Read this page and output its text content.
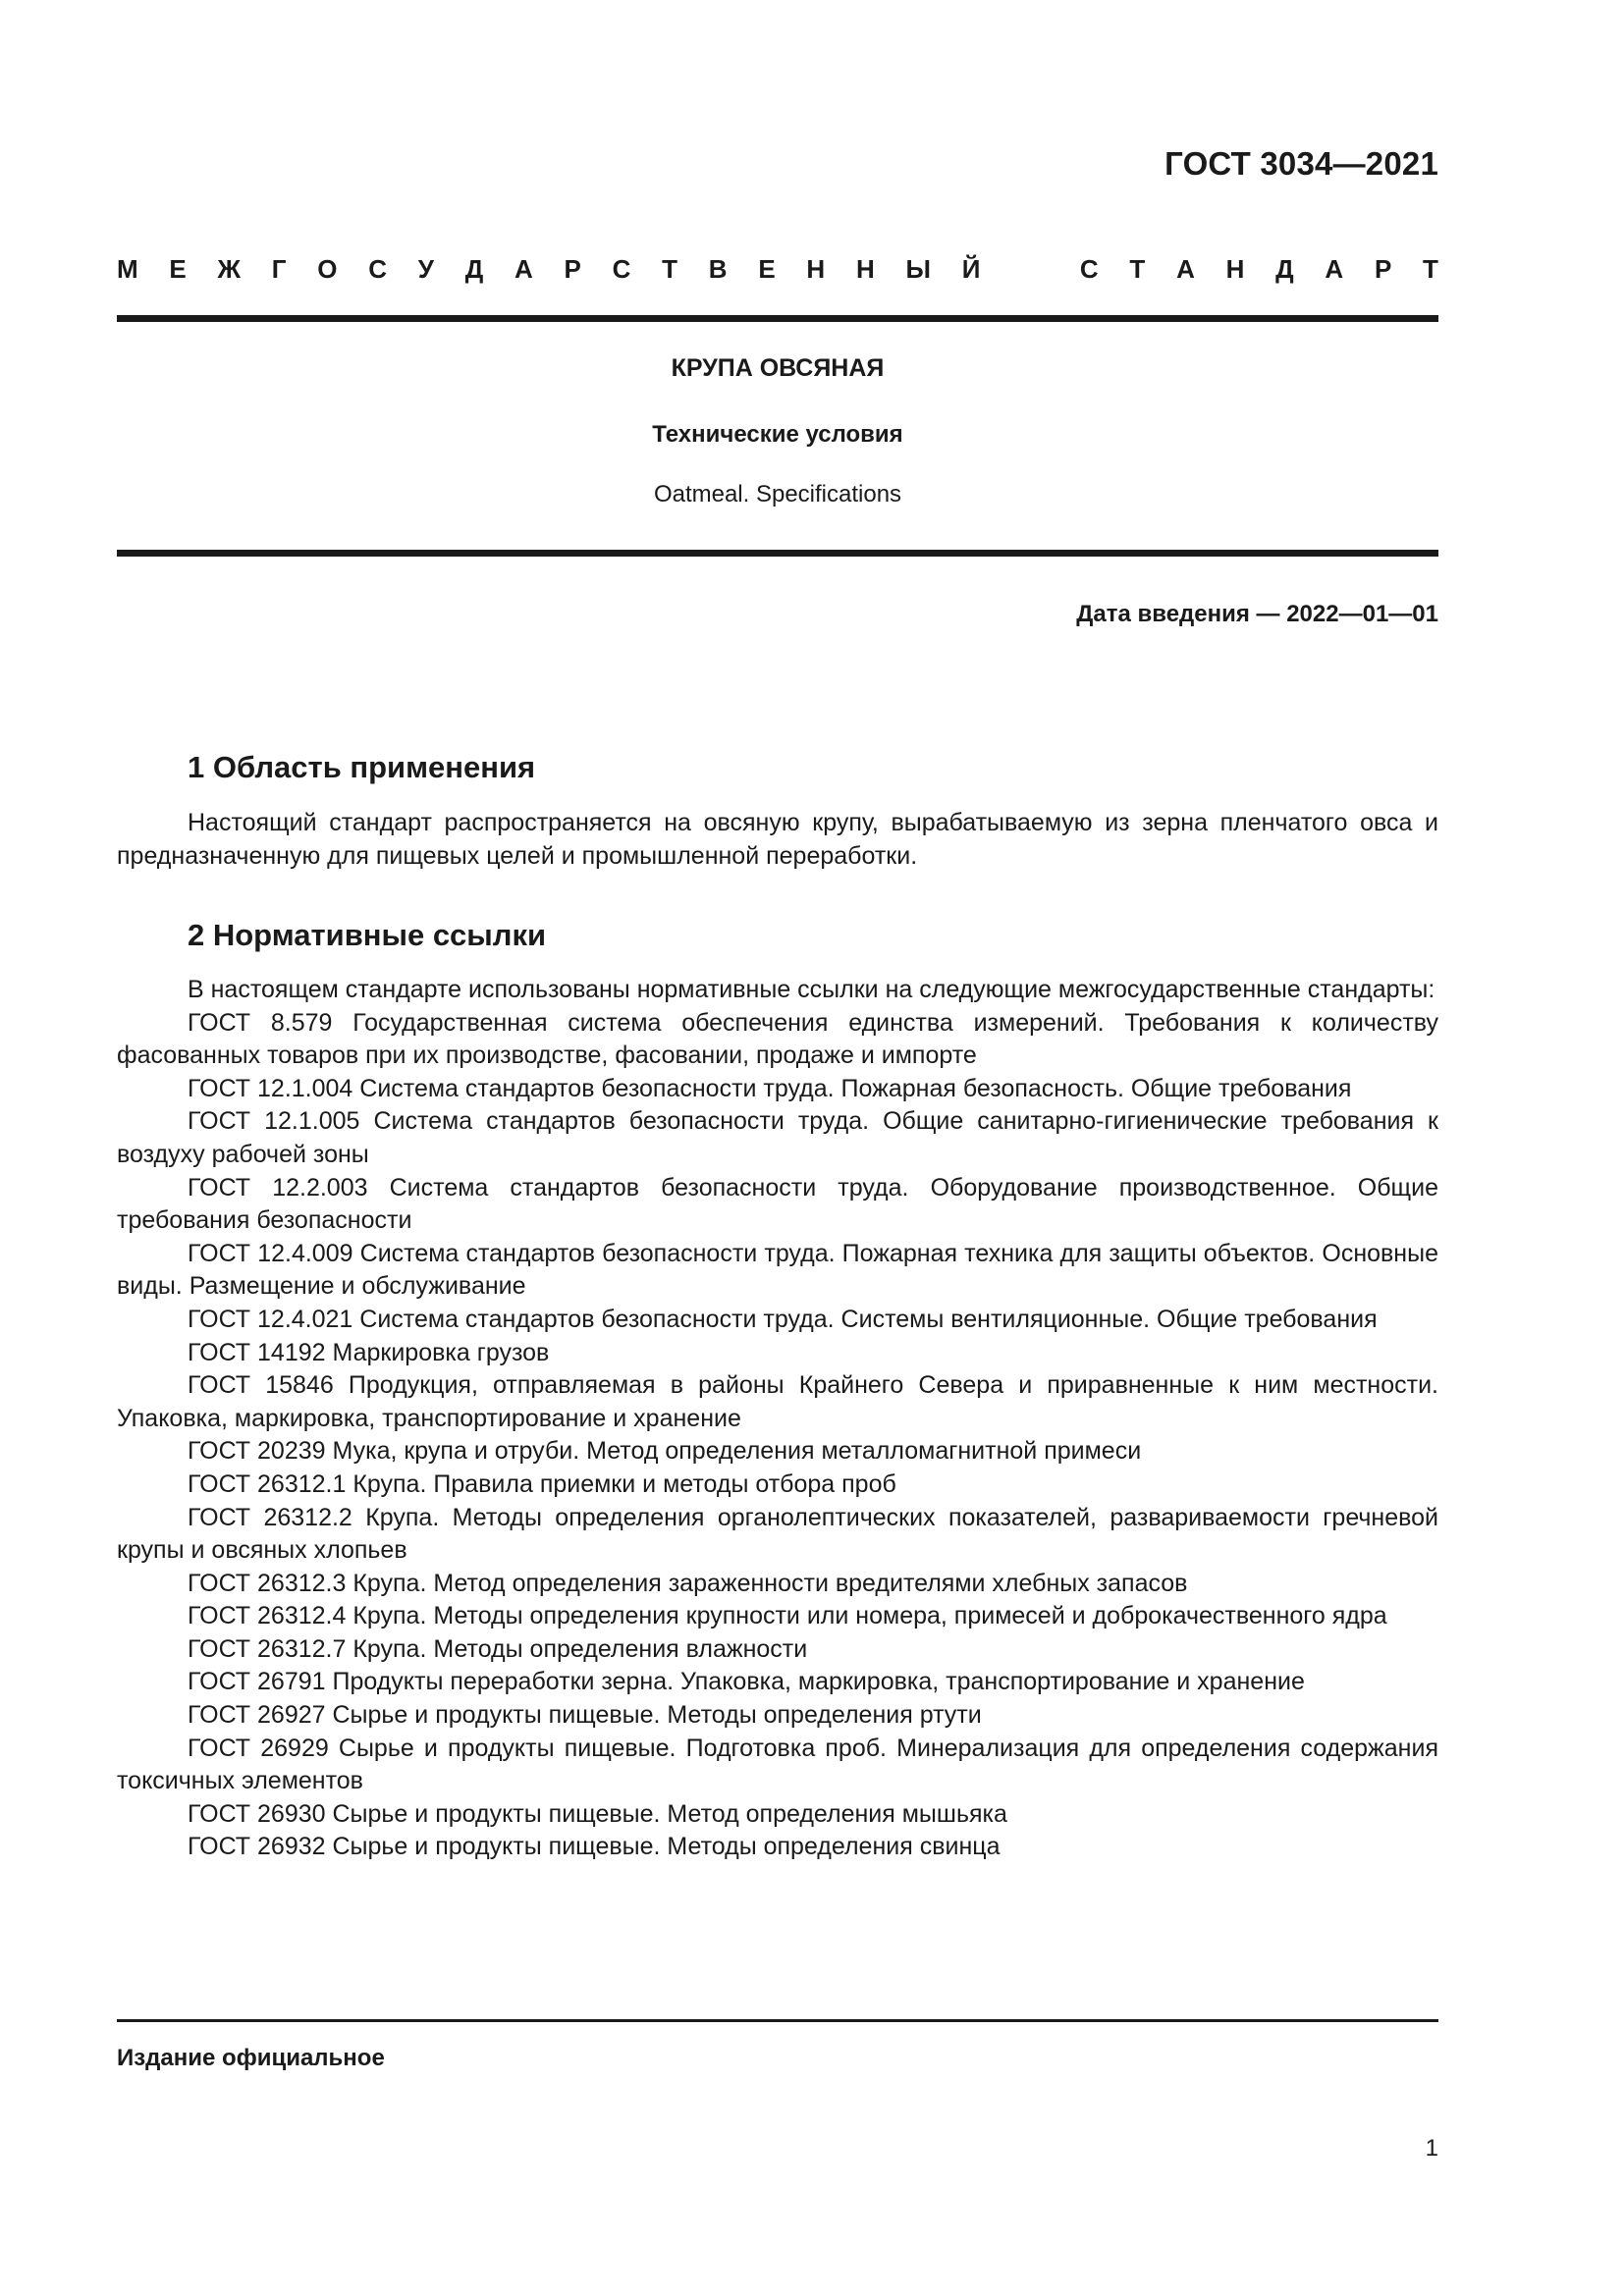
ГОСТ 3034—2021
М Е Ж Г О С У Д А Р С Т В Е Н Н Ы Й	С Т А Н Д А Р Т
КРУПА ОВСЯНАЯ
Технические условия
Oatmeal. Specifications
Дата введения — 2022—01—01
1 Область применения

Настоящий стандарт распространяется на овсяную крупу, вырабатываемую из зерна пленчатого овса и предназначенную для пищевых целей и промышленной переработки.

2 Нормативные ссылки

В настоящем стандарте использованы нормативные ссылки на следующие межгосударственные стандарты:

ГОСТ 8.579 Государственная система обеспечения единства измерений. Требования к количеству фасованных товаров при их производстве, фасовании, продаже и импорте

ГОСТ 12.1.004 Система стандартов безопасности труда. Пожарная безопасность. Общие требования

ГОСТ 12.1.005 Система стандартов безопасности труда. Общие санитарно-гигиенические требования к воздуху рабочей зоны

ГОСТ 12.2.003 Система стандартов безопасности труда. Оборудование производственное. Общие требования безопасности

ГОСТ 12.4.009 Система стандартов безопасности труда. Пожарная техника для защиты объектов. Основные виды. Размещение и обслуживание

ГОСТ 12.4.021 Система стандартов безопасности труда. Системы вентиляционные. Общие требования

ГОСТ 14192 Маркировка грузов

ГОСТ 15846 Продукция, отправляемая в районы Крайнего Севера и приравненные к ним местности. Упаковка, маркировка, транспортирование и хранение

ГОСТ 20239 Мука, крупа и отруби. Метод определения металломагнитной примеси

ГОСТ 26312.1 Крупа. Правила приемки и методы отбора проб

ГОСТ 26312.2 Крупа. Методы определения органолептических показателей, развариваемости гречневой крупы и овсяных хлопьев

ГОСТ 26312.3 Крупа. Метод определения зараженности вредителями хлебных запасов

ГОСТ 26312.4 Крупа. Методы определения крупности или номера, примесей и доброкачественного ядра

ГОСТ 26312.7 Крупа. Методы определения влажности

ГОСТ 26791 Продукты переработки зерна. Упаковка, маркировка, транспортирование и хранение

ГОСТ 26927 Сырье и продукты пищевые. Методы определения ртути

ГОСТ 26929 Сырье и продукты пищевые. Подготовка проб. Минерализация для определения содержания токсичных элементов

ГОСТ 26930 Сырье и продукты пищевые. Метод определения мышьяка

ГОСТ 26932 Сырье и продукты пищевые. Методы определения свинца

Издание официальное
1
